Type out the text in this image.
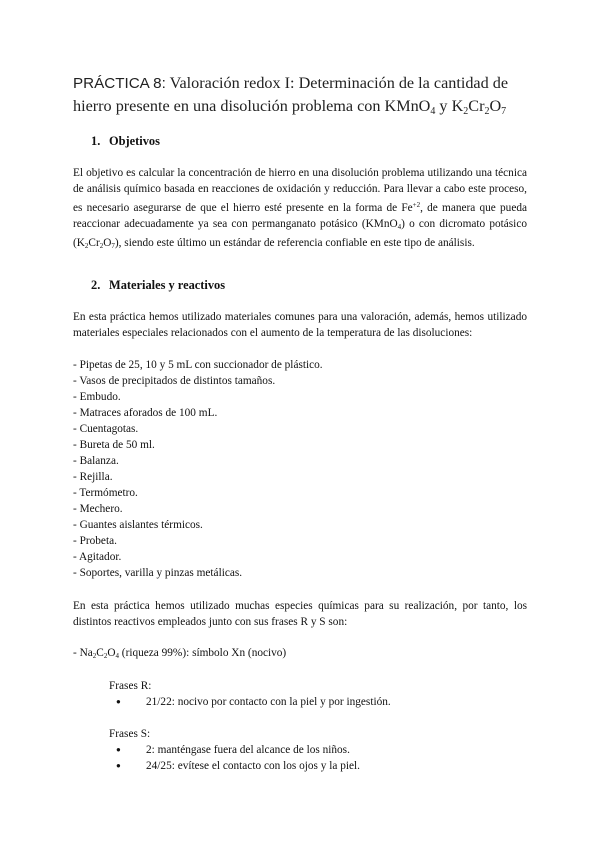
PRÁCTICA 8: Valoración redox I: Determinación de la cantidad de hierro presente en una disolución problema con KMnO$_4$ y $K_2Cr_2O_7$
1. Objetivos

El objetivo es calcular la concentración de hierro en una disolución problema utilizando una técnica de análisis químico basada en reacciones de oxidación y reducción. Para llevar a cabo este proceso, es necesario asegurarse de que el hierro esté presente en la forma de $Fe^{+2}$, de manera que pueda reaccionar adecuadamente ya sea con permanganato potásico (KMnO$_4$) o con dicromato potásico $(K_2Cr_2O_7)$, siendo este último un estándar de referencia confiable en este tipo de análisis.

2. Materiales y reactivos

En esta práctica hemos utilizado materiales comunes para una valoración, además, hemos utilizado materiales especiales relacionados con el aumento de la temperatura de las disoluciones:

- Pipetas de 25, 10 y 5 mL con succionador de plástico.
- Vasos de precipitados de distintos tamaños.
- Embudo.
- Matraces aforados de 100 mL.
- Cuentagotas.
- Bureta de 50 ml.
- Balanza.
- Rejilla.
- Termómetro.
- Mechero.
- Guantes aislantes térmicos.
- Probeta.
- Agitador.
- Soportes, varilla y pinzas metálicas.

En esta práctica hemos utilizado muchas especies químicas para su realización, por tanto, los distintos reactivos empleados junto con sus frases R y S son:

- $Na_2C_2O_4$ (riqueza 99%): símbolo Xn (nocivo)

Frases R:

● 21/22: nocivo por contacto con la piel y por ingestión.

Frases S:

● 2: manténgase fuera del alcance de los niños.
● 24/25: evítese el contacto con los ojos y la piel.
